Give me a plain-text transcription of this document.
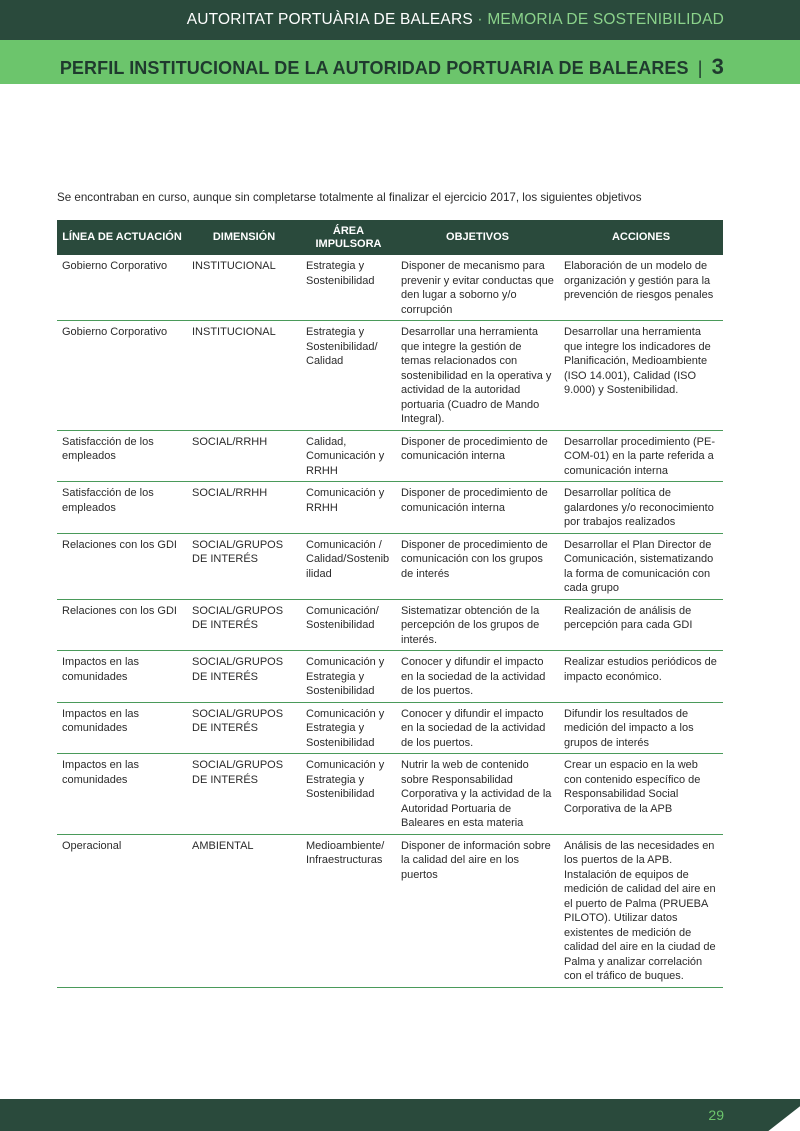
AUTORITAT PORTUÀRIA DE BALEARS · MEMORIA DE SOSTENIBILIDAD
PERFIL INSTITUCIONAL DE LA AUTORIDAD PORTUARIA DE BALEARES | 3
Se encontraban en curso, aunque sin completarse totalmente al finalizar el ejercicio 2017, los siguientes objetivos
LÍNEA DE ACTUACIÓN	DIMENSIÓN	ÁREA IMPULSORA	OBJETIVOS	ACCIONES
Gobierno Corporativo	INSTITUCIONAL	Estrategia y Sostenibilidad	Disponer de mecanismo para prevenir y evitar conductas que den lugar a soborno y/o corrupción	Elaboración de un modelo de organización y gestión para la prevención de riesgos penales
Gobierno Corporativo	INSTITUCIONAL	Estrategia y Sostenibilidad/ Calidad	Desarrollar una herramienta que integre la gestión de temas relacionados con sostenibilidad en la operativa y actividad de la autoridad portuaria (Cuadro de Mando Integral).	Desarrollar una herramienta que integre los indicadores de Planificación, Medioambiente (ISO 14.001), Calidad (ISO 9.000) y Sostenibilidad.
Satisfacción de los empleados	SOCIAL/RRHH	Calidad, Comunicación y RRHH	Disponer de procedimiento de comunicación interna	Desarrollar procedimiento (PE-COM-01) en la parte referida a comunicación interna
Satisfacción de los empleados	SOCIAL/RRHH	Comunicación y RRHH	Disponer de procedimiento de comunicación interna	Desarrollar política de galardones y/o reconocimiento por trabajos realizados
Relaciones con los GDI	SOCIAL/GRUPOS DE INTERÉS	Comunicación / Calidad/Sostenibilidad	Disponer de procedimiento de comunicación con los grupos de interés	Desarrollar el Plan Director de Comunicación, sistematizando la forma de comunicación con cada grupo
Relaciones con los GDI	SOCIAL/GRUPOS DE INTERÉS	Comunicación/ Sostenibilidad	Sistematizar obtención de la percepción de los grupos de interés.	Realización de análisis de percepción para cada GDI
Impactos en las comunidades	SOCIAL/GRUPOS DE INTERÉS	Comunicación y Estrategia y Sostenibilidad	Conocer y difundir el impacto en la sociedad de la actividad de los puertos.	Realizar estudios periódicos de impacto económico.
Impactos en las comunidades	SOCIAL/GRUPOS DE INTERÉS	Comunicación y Estrategia y Sostenibilidad	Conocer y difundir el impacto en la sociedad de la actividad de los puertos.	Difundir los resultados de medición del impacto a los grupos de interés
Impactos en las comunidades	SOCIAL/GRUPOS DE INTERÉS	Comunicación y Estrategia y Sostenibilidad	Nutrir la web de contenido sobre Responsabilidad Corporativa y la actividad de la Autoridad Portuaria de Baleares en esta materia	Crear un espacio en la web con contenido específico de Responsabilidad Social Corporativa de la APB
Operacional	AMBIENTAL	Medioambiente/ Infraestructuras	Disponer de información sobre la calidad del aire en los puertos	Análisis de las necesidades en los puertos de la APB. Instalación de equipos de medición de calidad del aire en el puerto de Palma (PRUEBA PILOTO). Utilizar datos existentes de medición de calidad del aire en la ciudad de Palma y analizar correlación con el tráfico de buques.
29
